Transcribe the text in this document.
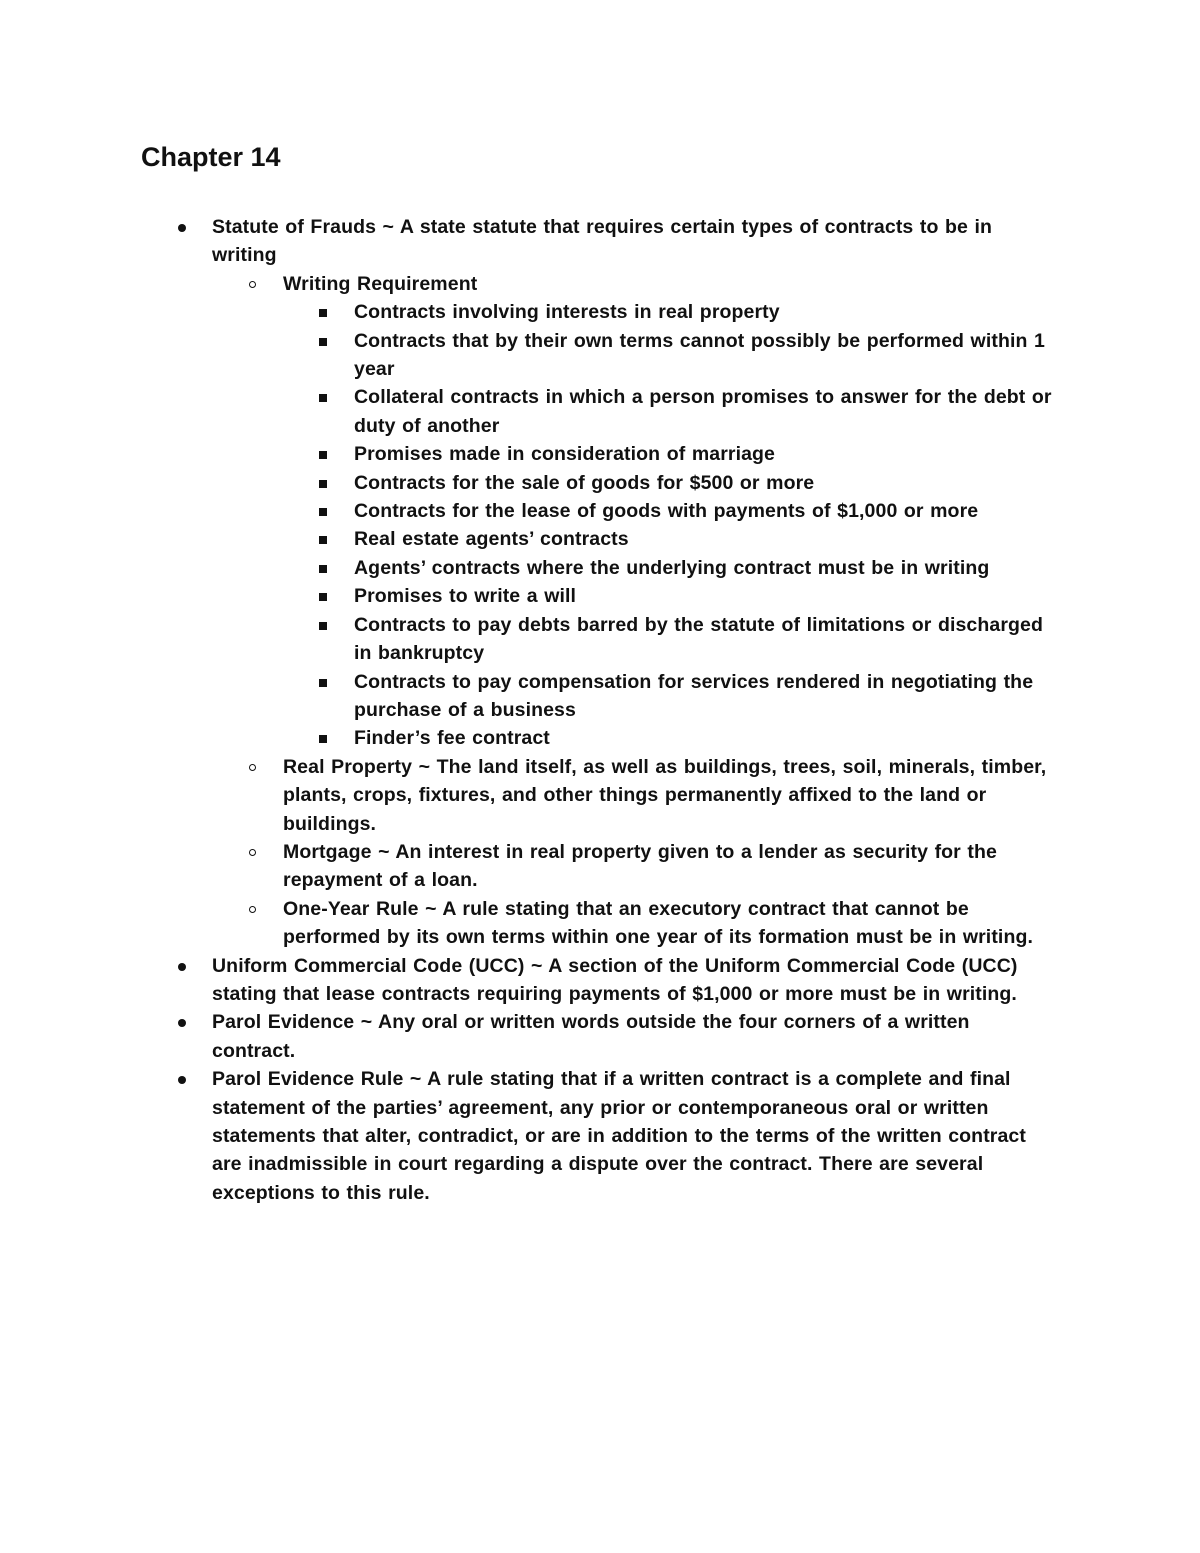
Chapter 14
Statute of Frauds ~ A state statute that requires certain types of contracts to be in writing
Writing Requirement
Contracts involving interests in real property
Contracts that by their own terms cannot possibly be performed within 1 year
Collateral contracts in which a person promises to answer for the debt or duty of another
Promises made in consideration of marriage
Contracts for the sale of goods for $500 or more
Contracts for the lease of goods with payments of $1,000 or more
Real estate agents’ contracts
Agents’ contracts where the underlying contract must be in writing
Promises to write a will
Contracts to pay debts barred by the statute of limitations or discharged in bankruptcy
Contracts to pay compensation for services rendered in negotiating the purchase of a business
Finder’s fee contract
Real Property ~ The land itself, as well as buildings, trees, soil, minerals, timber, plants, crops, fixtures, and other things permanently affixed to the land or buildings.
Mortgage ~ An interest in real property given to a lender as security for the repayment of a loan.
One-Year Rule ~ A rule stating that an executory contract that cannot be performed by its own terms within one year of its formation must be in writing.
Uniform Commercial Code (UCC) ~ A section of the Uniform Commercial Code (UCC) stating that lease contracts requiring payments of $1,000 or more must be in writing.
Parol Evidence ~ Any oral or written words outside the four corners of a written contract.
Parol Evidence Rule ~ A rule stating that if a written contract is a complete and final statement of the parties’ agreement, any prior or contemporaneous oral or written statements that alter, contradict, or are in addition to the terms of the written contract are inadmissible in court regarding a dispute over the contract. There are several exceptions to this rule.
